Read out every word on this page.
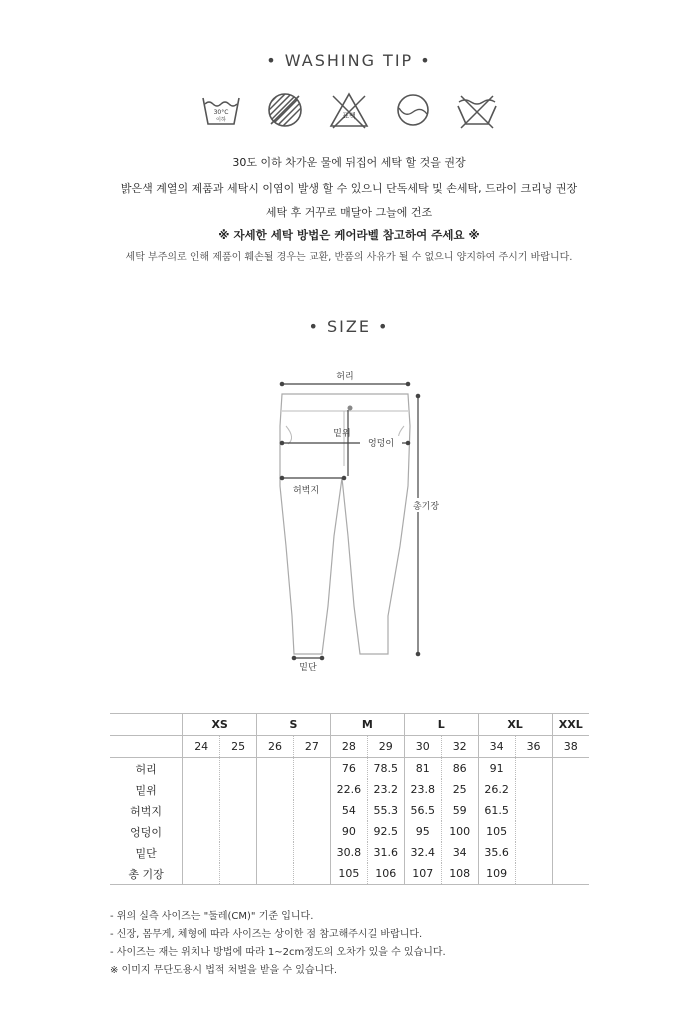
• WASHING TIP •
30°C
이하	표백
30도 이하 차가운 물에 뒤집어 세탁 할 것을 권장
밝은색 계열의 제품과 세탁시 이염이 발생 할 수 있으니 단독세탁 및 손세탁, 드라이 크리닝 권장
세탁 후 거꾸로 매달아 그늘에 건조
※ 자세한 세탁 방법은 케어라벨 참고하여 주세요 ※
세탁 부주의로 인해 제품이 훼손될 경우는 교환, 반품의 사유가 될 수 없으니 양지하여 주시기 바랍니다.
• SIZE •
허리
밑위
엉덩이
허벅지
총기장
밑단
	XS		S		M		L		XL		XXL
	24	25	26	27	28	29	30	32	34	36	38
허리					76	78.5	81	86	91		
밑위					22.6	23.2	23.8	25	26.2		
허벅지					54	55.3	56.5	59	61.5		
엉덩이					90	92.5	95	100	105		
밑단					30.8	31.6	32.4	34	35.6		
총 기장					105	106	107	108	109		
- 위의 실측 사이즈는 "둘레(CM)" 기준 입니다.
- 신장, 몸무게, 체형에 따라 사이즈는 상이한 점 참고해주시길 바랍니다.
- 사이즈는 재는 위치나 방법에 따라 1~2cm정도의 오차가 있을 수 있습니다.
※ 이미지 무단도용시 법적 처벌을 받을 수 있습니다.
